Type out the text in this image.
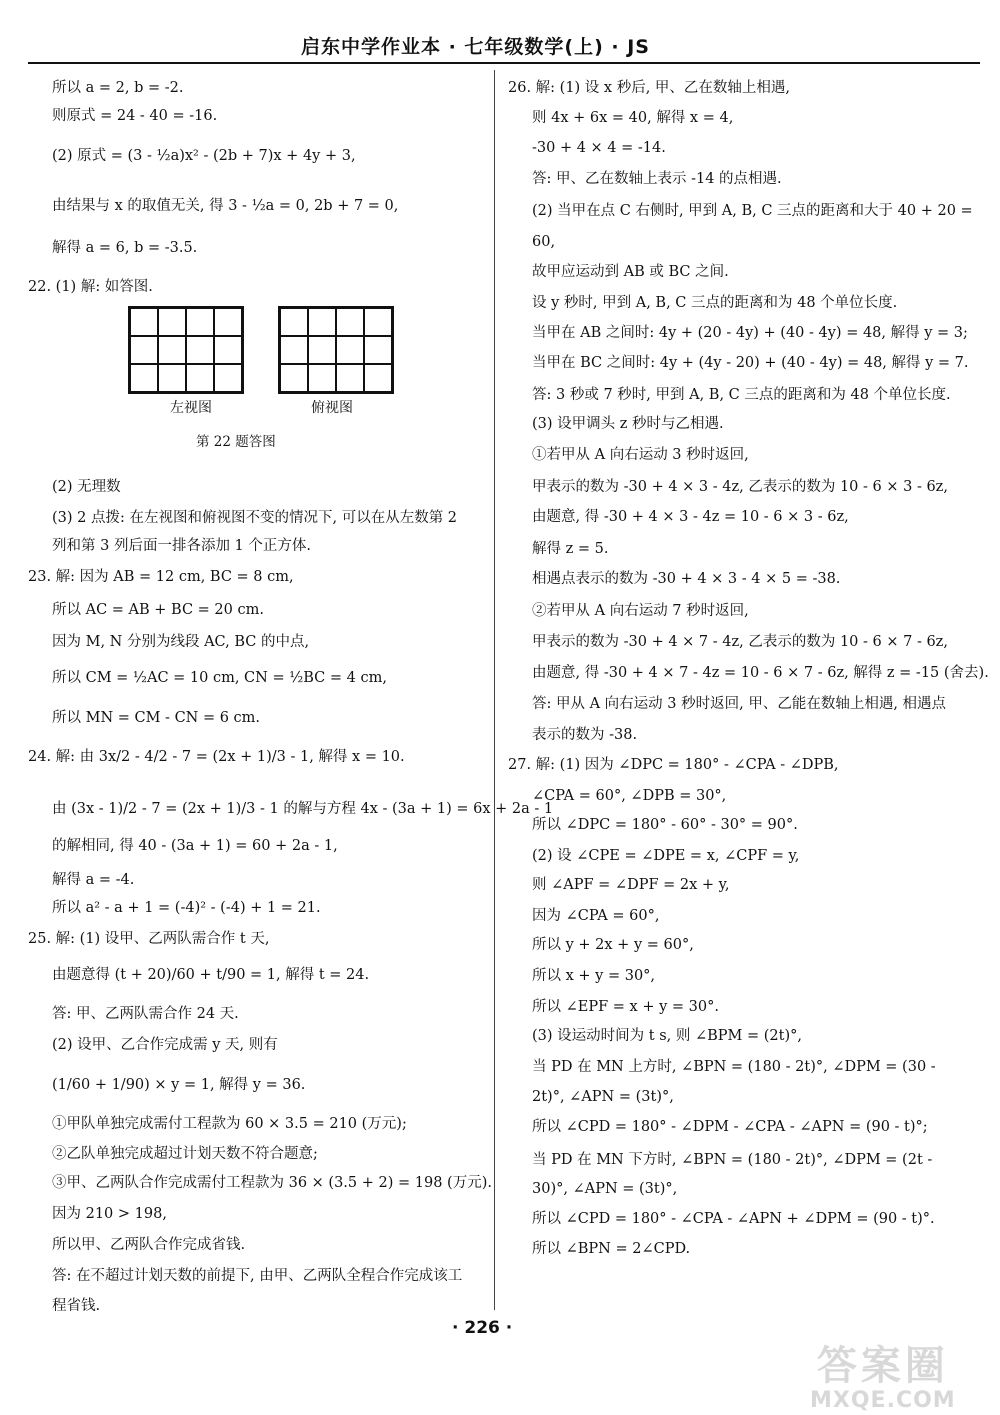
启东中学作业本 · 七年级数学(上) · JS
左视图	俯视图
第 22 题答图
所以 a = 2, b = -2.
则原式 = 24 - 40 = -16.
(2) 原式 = (3 - ½a)x² - (2b + 7)x + 4y + 3,
由结果与 x 的取值无关, 得 3 - ½a = 0, 2b + 7 = 0,
解得 a = 6, b = -3.5.
22. (1) 解: 如答图.
(2) 无理数
(3) 2 点拨: 在左视图和俯视图不变的情况下, 可以在从左数第 2
列和第 3 列后面一排各添加 1 个正方体.
23. 解: 因为 AB = 12 cm, BC = 8 cm,
所以 AC = AB + BC = 20 cm.
因为 M, N 分别为线段 AC, BC 的中点,
所以 CM = ½AC = 10 cm, CN = ½BC = 4 cm,
所以 MN = CM - CN = 6 cm.
24. 解: 由 3x/2 - 4/2 - 7 = (2x + 1)/3 - 1, 解得 x = 10.
由 (3x - 1)/2 - 7 = (2x + 1)/3 - 1 的解与方程 4x - (3a + 1) = 6x + 2a - 1
的解相同, 得 40 - (3a + 1) = 60 + 2a - 1,
解得 a = -4.
所以 a² - a + 1 = (-4)² - (-4) + 1 = 21.
25. 解: (1) 设甲、乙两队需合作 t 天,
由题意得 (t + 20)/60 + t/90 = 1, 解得 t = 24.
答: 甲、乙两队需合作 24 天.
(2) 设甲、乙合作完成需 y 天, 则有
(1/60 + 1/90) × y = 1, 解得 y = 36.
①甲队单独完成需付工程款为 60 × 3.5 = 210 (万元);
②乙队单独完成超过计划天数不符合题意;
③甲、乙两队合作完成需付工程款为 36 × (3.5 + 2) = 198 (万元).
因为 210 > 198,
所以甲、乙两队合作完成省钱.
答: 在不超过计划天数的前提下, 由甲、乙两队全程合作完成该工
程省钱.
26. 解: (1) 设 x 秒后, 甲、乙在数轴上相遇,
则 4x + 6x = 40, 解得 x = 4,
-30 + 4 × 4 = -14.
答: 甲、乙在数轴上表示 -14 的点相遇.
(2) 当甲在点 C 右侧时, 甲到 A, B, C 三点的距离和大于 40 + 20 =
60,
故甲应运动到 AB 或 BC 之间.
设 y 秒时, 甲到 A, B, C 三点的距离和为 48 个单位长度.
当甲在 AB 之间时: 4y + (20 - 4y) + (40 - 4y) = 48, 解得 y = 3;
当甲在 BC 之间时: 4y + (4y - 20) + (40 - 4y) = 48, 解得 y = 7.
答: 3 秒或 7 秒时, 甲到 A, B, C 三点的距离和为 48 个单位长度.
(3) 设甲调头 z 秒时与乙相遇.
①若甲从 A 向右运动 3 秒时返回,
甲表示的数为 -30 + 4 × 3 - 4z, 乙表示的数为 10 - 6 × 3 - 6z,
由题意, 得 -30 + 4 × 3 - 4z = 10 - 6 × 3 - 6z,
解得 z = 5.
相遇点表示的数为 -30 + 4 × 3 - 4 × 5 = -38.
②若甲从 A 向右运动 7 秒时返回,
甲表示的数为 -30 + 4 × 7 - 4z, 乙表示的数为 10 - 6 × 7 - 6z,
由题意, 得 -30 + 4 × 7 - 4z = 10 - 6 × 7 - 6z, 解得 z = -15 (舍去).
答: 甲从 A 向右运动 3 秒时返回, 甲、乙能在数轴上相遇, 相遇点
表示的数为 -38.
27. 解: (1) 因为 ∠DPC = 180° - ∠CPA - ∠DPB,
∠CPA = 60°, ∠DPB = 30°,
所以 ∠DPC = 180° - 60° - 30° = 90°.
(2) 设 ∠CPE = ∠DPE = x, ∠CPF = y,
则 ∠APF = ∠DPF = 2x + y,
因为 ∠CPA = 60°,
所以 y + 2x + y = 60°,
所以 x + y = 30°,
所以 ∠EPF = x + y = 30°.
(3) 设运动时间为 t s, 则 ∠BPM = (2t)°,
当 PD 在 MN 上方时, ∠BPN = (180 - 2t)°, ∠DPM = (30 -
2t)°, ∠APN = (3t)°,
所以 ∠CPD = 180° - ∠DPM - ∠CPA - ∠APN = (90 - t)°;
当 PD 在 MN 下方时, ∠BPN = (180 - 2t)°, ∠DPM = (2t -
30)°, ∠APN = (3t)°,
所以 ∠CPD = 180° - ∠CPA - ∠APN + ∠DPM = (90 - t)°.
所以 ∠BPN = 2∠CPD.
· 226 ·
答案圈
MXQE.COM
